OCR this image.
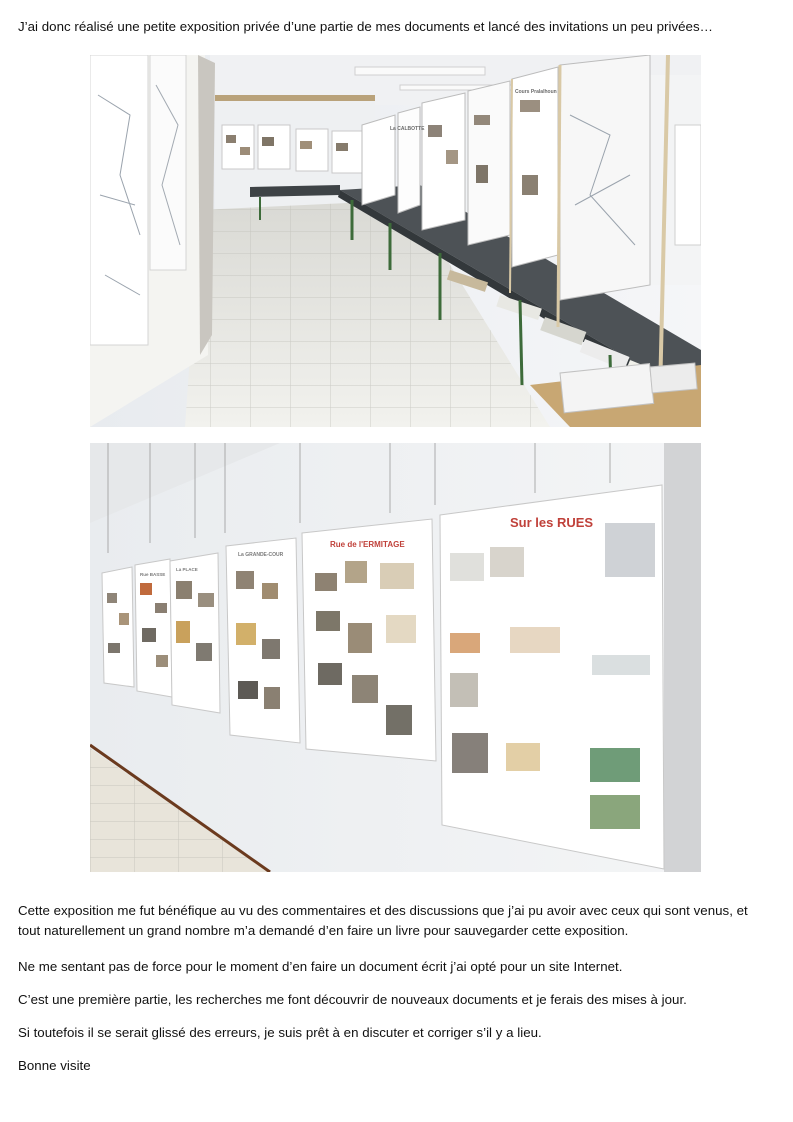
J’ai donc réalisé une petite exposition privée d’une partie de mes documents et lancé des invitations un peu privées…

La CALBOTTE
Cours Pralalhoun
Rue BASSE
La PLACE
La GRANDE-COUR
Rue de l'ERMITAGE
Sur les RUES

Cette exposition me fut bénéfique au vu des commentaires et des discussions que j’ai pu avoir avec ceux qui sont venus, et tout naturellement un grand nombre m’a demandé d’en faire un livre pour sauvegarder cette exposition.

Ne me sentant pas de force pour le moment d’en faire un document écrit j’ai opté pour un site Internet.

C’est une première partie, les recherches me font découvrir de nouveaux documents et je ferais des mises à jour.

Si toutefois il se serait glissé des erreurs, je suis prêt à en discuter et corriger s’il y a lieu.

Bonne visite
